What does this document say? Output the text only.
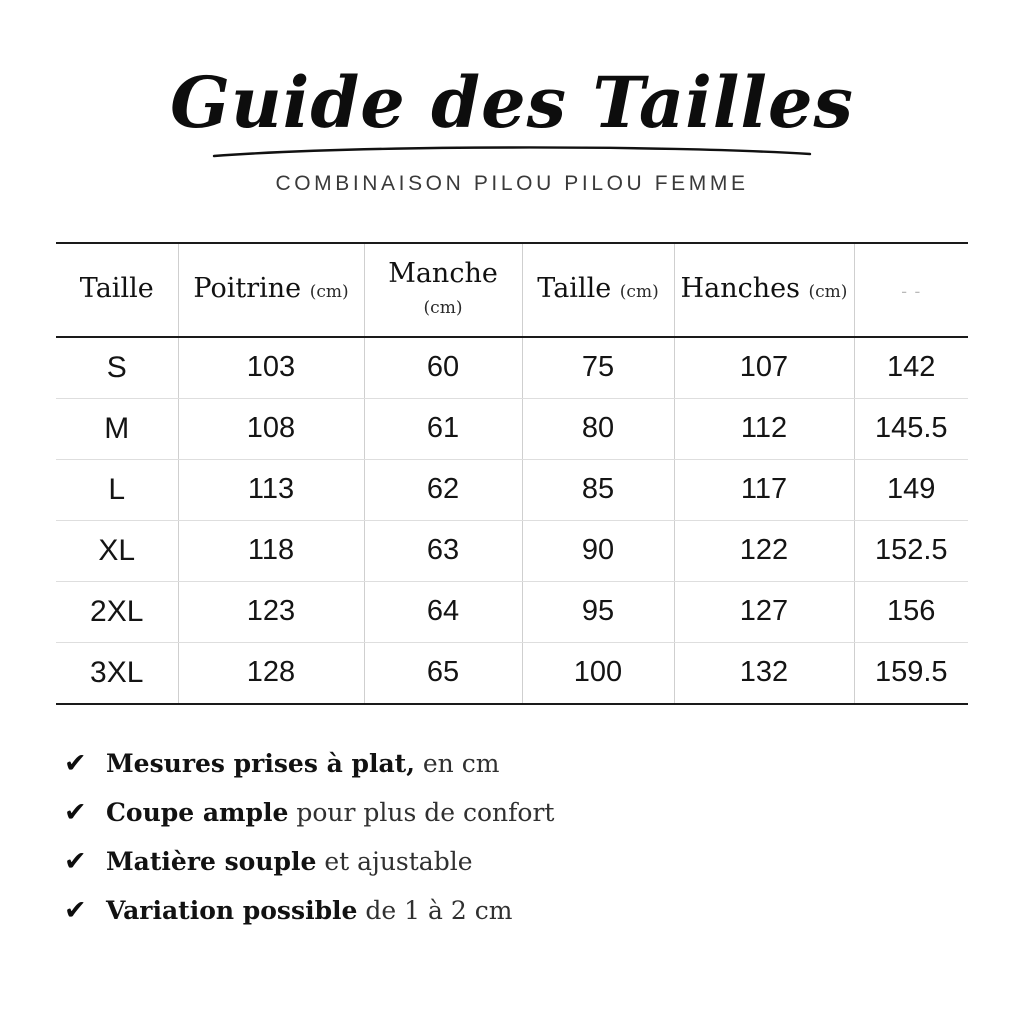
Guide des Tailles
COMBINAISON PILOU PILOU FEMME
Taille	Poitrine (cm)	Manche (cm)	Taille (cm)	Hanches (cm)	- -
S	103	60	75	107	142
M	108	61	80	112	145.5
L	113	62	85	117	149
XL	118	63	90	122	152.5
2XL	123	64	95	127	156
3XL	128	65	100	132	159.5
✔ Mesures prises à plat, en cm
✔ Coupe ample pour plus de confort
✔ Matière souple et ajustable
✔ Variation possible de 1 à 2 cm
